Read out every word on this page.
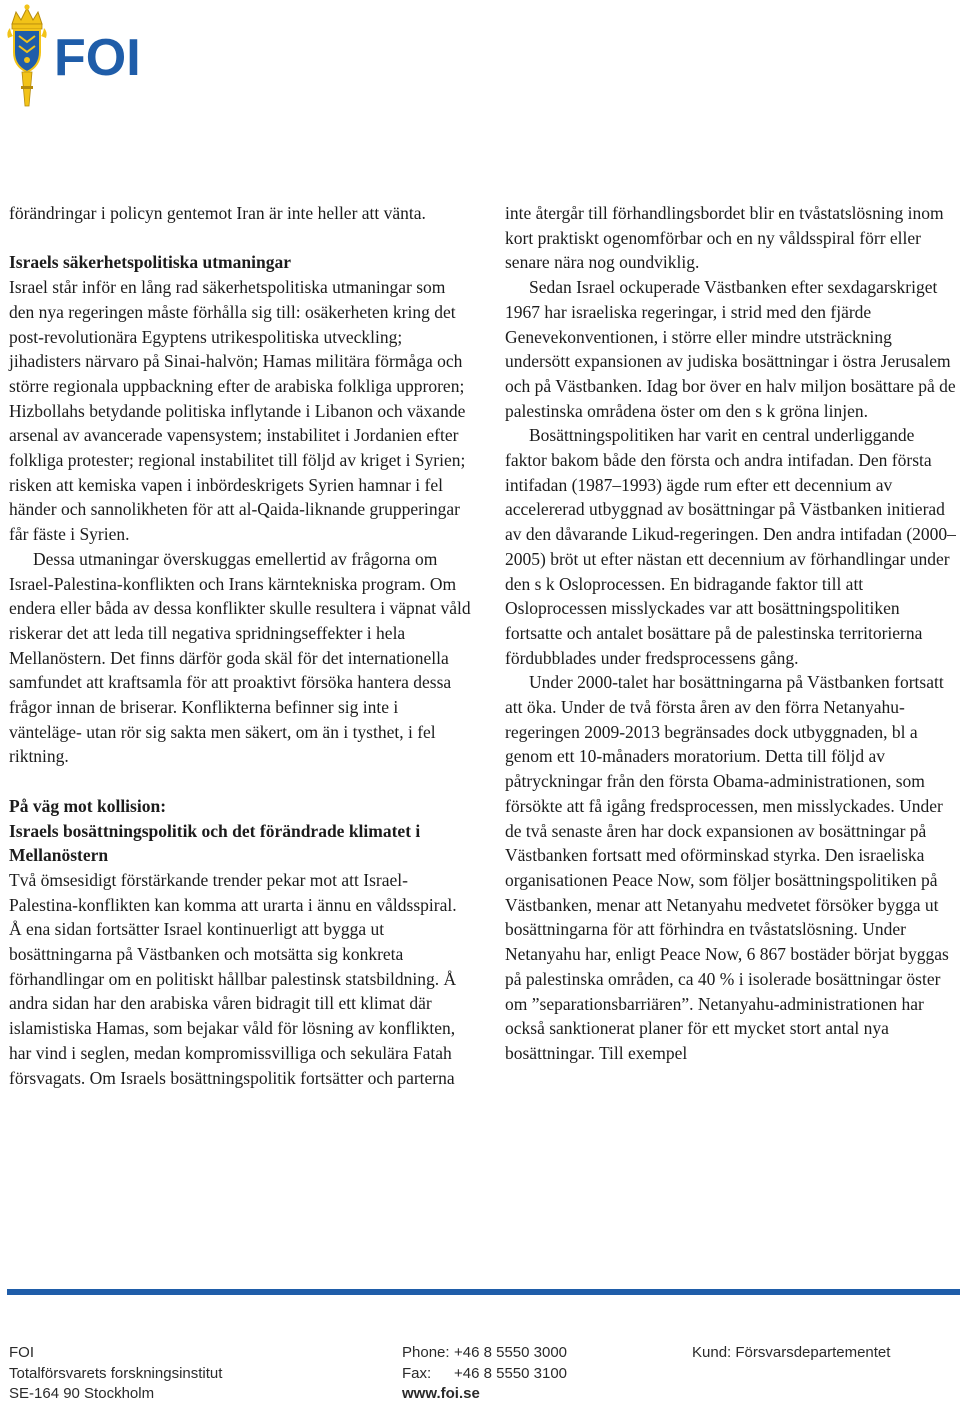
FOI

förändringar i policyn gentemot Iran är inte heller att vänta.

Israels säkerhetspolitiska utmaningar

Israel står inför en lång rad säkerhetspolitiska utmaningar som den nya regeringen måste förhålla sig till: osäkerheten kring det post-revolutionära Egyptens utrikespolitiska utveckling; jihadisters närvaro på Sinai-halvön; Hamas militära förmåga och större regionala uppbackning efter de arabiska folkliga upproren; Hizbollahs betydande politiska inflytande i Libanon och växande arsenal av avancerade vapensystem; instabilitet i Jordanien efter folkliga protester; regional instabilitet till följd av kriget i Syrien; risken att kemiska vapen i inbördeskrigets Syrien hamnar i fel händer och sannolikheten för att al-Qaida-liknande grupperingar får fäste i Syrien.

Dessa utmaningar överskuggas emellertid av frågorna om Israel-Palestina-konflikten och Irans kärntekniska program. Om endera eller båda av dessa konflikter skulle resultera i väpnat våld riskerar det att leda till negativa spridningseffekter i hela Mellanöstern. Det finns därför goda skäl för det internationella samfundet att kraftsamla för att proaktivt försöka hantera dessa frågor innan de briserar. Konflikterna befinner sig inte i vänteläge- utan rör sig sakta men säkert, om än i tysthet, i fel riktning.

På väg mot kollision:

Israels bosättningspolitik och det förändrade klimatet i Mellanöstern

Två ömsesidigt förstärkande trender pekar mot att Israel-Palestina-konflikten kan komma att urarta i ännu en våldsspiral. Å ena sidan fortsätter Israel kontinuerligt att bygga ut bosättningarna på Västbanken och motsätta sig konkreta förhandlingar om en politiskt hållbar palestinsk statsbildning. Å andra sidan har den arabiska våren bidragit till ett klimat där islamistiska Hamas, som bejakar våld för lösning av konflikten, har vind i seglen, medan kompromissvilliga och sekulära Fatah försvagats. Om Israels bosättningspolitik fortsätter och parterna

inte återgår till förhandlingsbordet blir en tvåstatslösning inom kort praktiskt ogenomförbar och en ny våldsspiral förr eller senare nära nog oundviklig.

Sedan Israel ockuperade Västbanken efter sexdagarskriget 1967 har israeliska regeringar, i strid med den fjärde Genevekonventionen, i större eller mindre utsträckning undersött expansionen av judiska bosättningar i östra Jerusalem och på Västbanken. Idag bor över en halv miljon bosättare på de palestinska områdena öster om den s k gröna linjen.

Bosättningspolitiken har varit en central underliggande faktor bakom både den första och andra intifadan. Den första intifadan (1987–1993) ägde rum efter ett decennium av accelererad utbyggnad av bosättningar på Västbanken initierad av den dåvarande Likud-regeringen. Den andra intifadan (2000–2005) bröt ut efter nästan ett decennium av förhandlingar under den s k Osloprocessen. En bidragande faktor till att Osloprocessen misslyckades var att bosättningspolitiken fortsatte och antalet bosättare på de palestinska territorierna fördubblades under fredsprocessens gång.

Under 2000-talet har bosättningarna på Västbanken fortsatt att öka. Under de två första åren av den förra Netanyahu-regeringen 2009-2013 begränsades dock utbyggnaden, bl a genom ett 10-månaders moratorium. Detta till följd av påtryckningar från den första Obama-administrationen, som försökte att få igång fredsprocessen, men misslyckades. Under de två senaste åren har dock expansionen av bosättningar på Västbanken fortsatt med oförminskad styrka. Den israeliska organisationen Peace Now, som följer bosättningspolitiken på Västbanken, menar att Netanyahu medvetet försöker bygga ut bosättningarna för att förhindra en tvåstatslösning. Under Netanyahu har, enligt Peace Now, 6 867 bostäder börjat byggas på palestinska områden, ca 40 % i isolerade bosättningar öster om ”separationsbarriären”. Netanyahu-administrationen har också sanktionerat planer för ett mycket stort antal nya bosättningar. Till exempel

FOI
Totalförsvarets forskningsinstitut
SE-164 90 Stockholm
Phone: +46 8 5550 3000
Fax: +46 8 5550 3100
www.foi.se
Kund: Försvarsdepartementet
